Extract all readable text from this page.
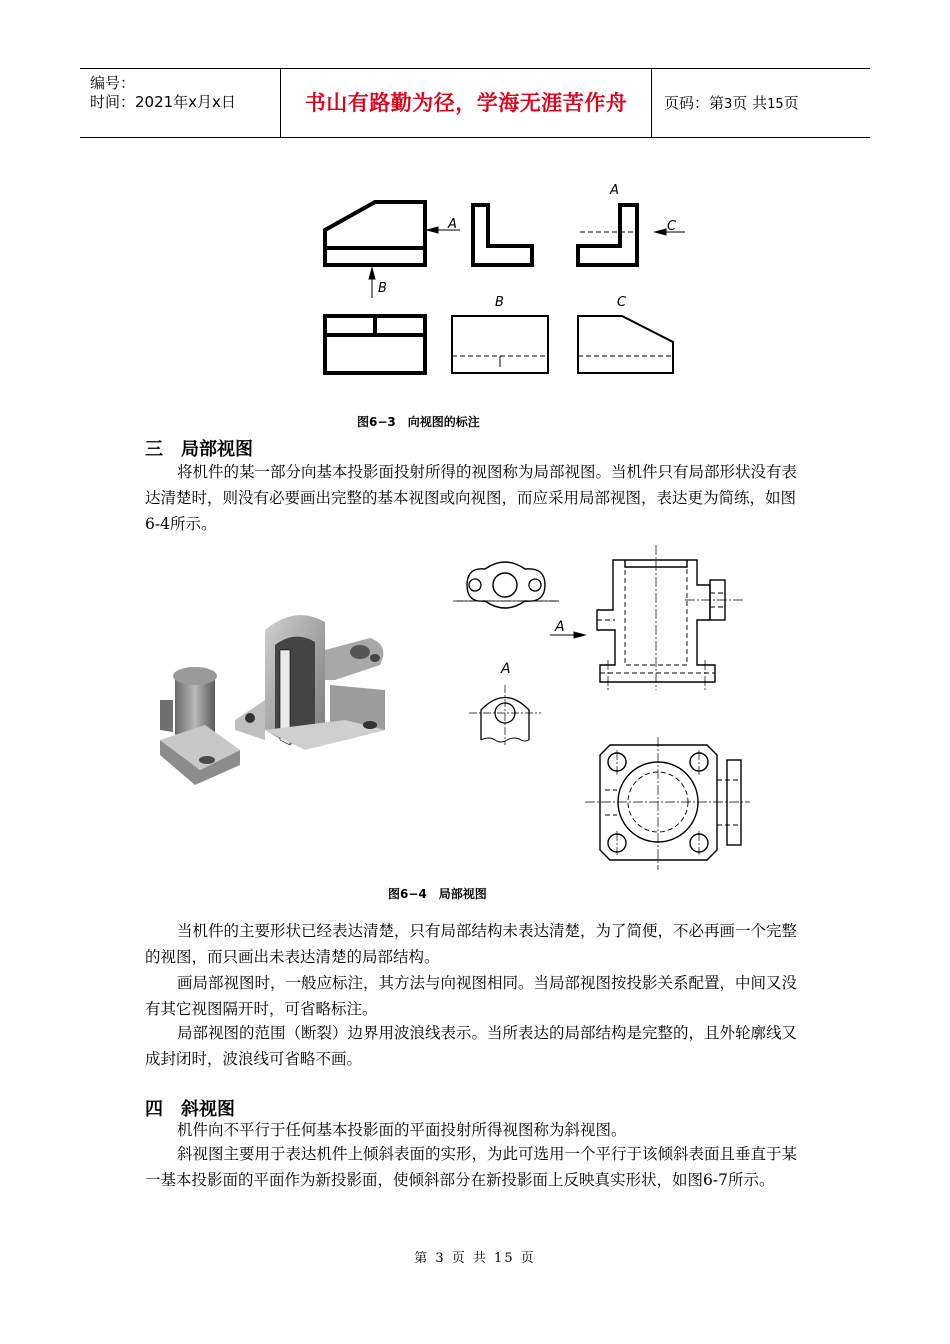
编号：
时间：2021年x月x日	书山有路勤为径，学海无涯苦作舟	页码：第3页 共15页
A	C
B
A
B	C
图6−3　向视图的标注
三　局部视图
将机件的某一部分向基本投影面投射所得的视图称为局部视图。当机件只有局部形状没有表达清楚时，则没有必要画出完整的基本视图或向视图，而应采用局部视图，表达更为简练，如图6-4所示。
A
A
图6−4　局部视图
当机件的主要形状已经表达清楚，只有局部结构未表达清楚，为了简便，不必再画一个完整的视图，而只画出未表达清楚的局部结构。
画局部视图时，一般应标注，其方法与向视图相同。当局部视图按投影关系配置，中间又没有其它视图隔开时，可省略标注。
局部视图的范围（断裂）边界用波浪线表示。当所表达的局部结构是完整的，且外轮廓线又成封闭时，波浪线可省略不画。
四　斜视图
机件向不平行于任何基本投影面的平面投射所得视图称为斜视图。
斜视图主要用于表达机件上倾斜表面的实形，为此可选用一个平行于该倾斜表面且垂直于某一基本投影面的平面作为新投影面，使倾斜部分在新投影面上反映真实形状，如图6-7所示。
第 3 页 共 15 页
